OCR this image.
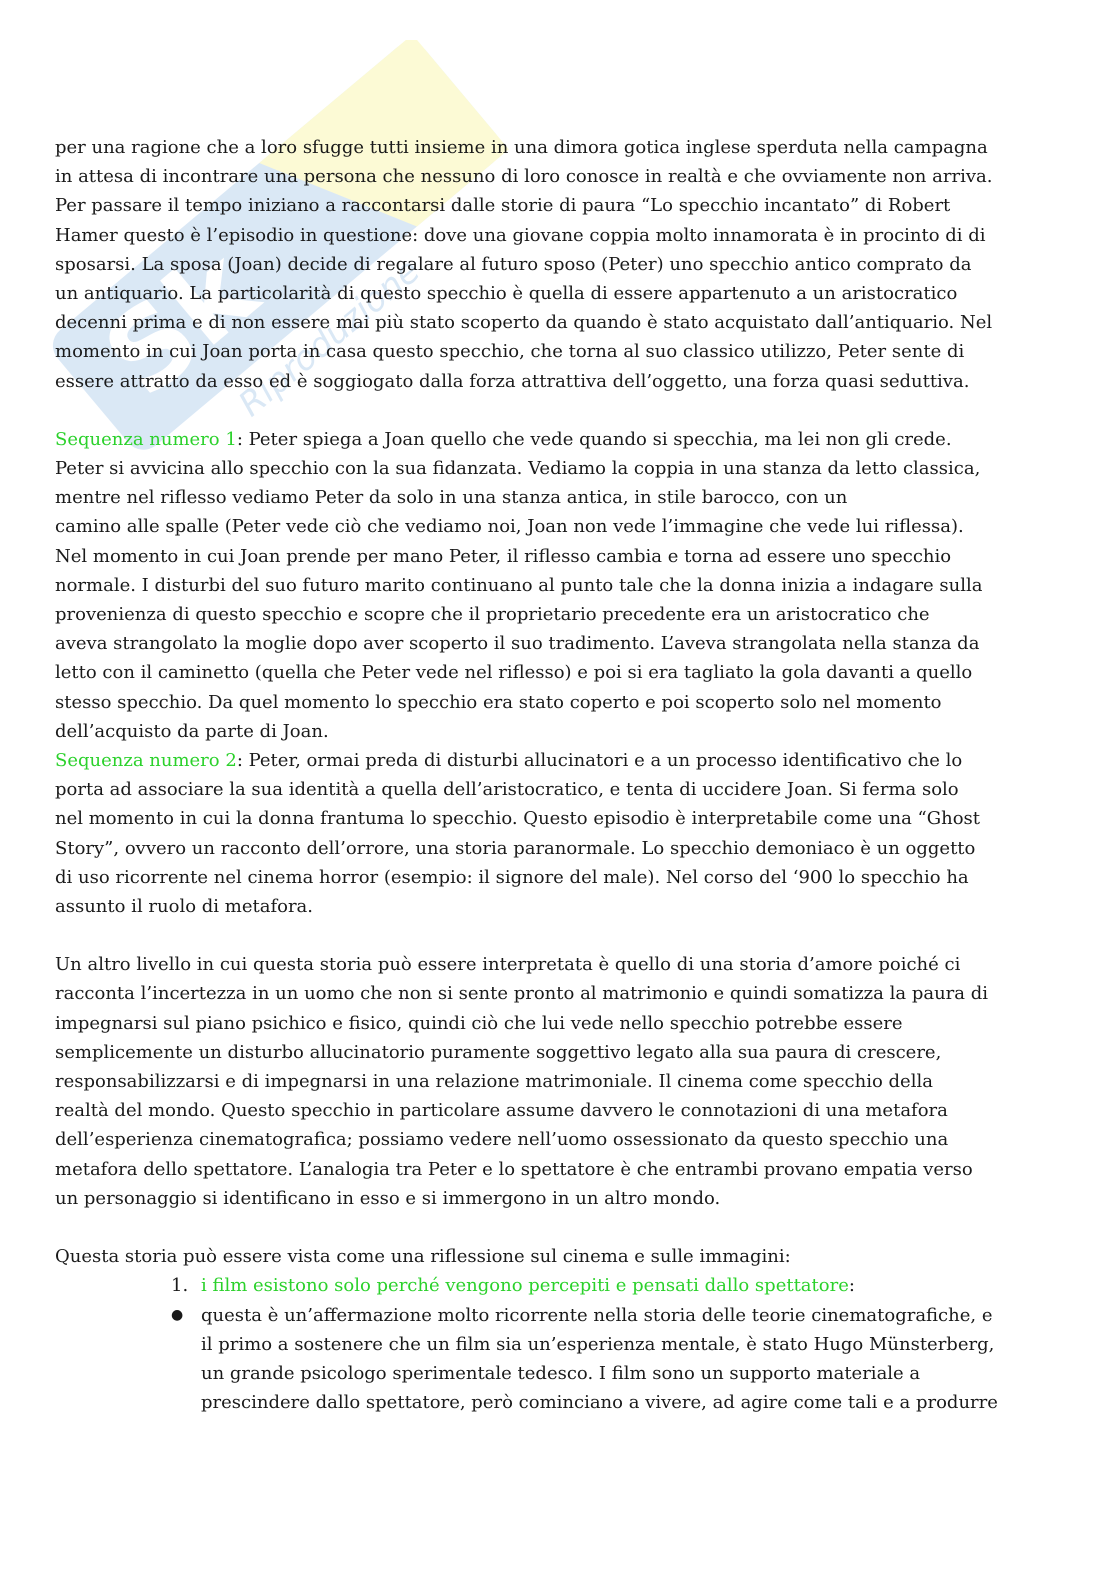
Sk
Riproduzione
per una ragione che a loro sfugge tutti insieme in una dimora gotica inglese sperduta nella campagna
in attesa di incontrare una persona che nessuno di loro conosce in realtà e che ovviamente non arriva.
Per passare il tempo iniziano a raccontarsi dalle storie di paura “Lo specchio incantato” di Robert
Hamer questo è l’episodio in questione: dove una giovane coppia molto innamorata è in procinto di di
sposarsi. La sposa (Joan) decide di regalare al futuro sposo (Peter) uno specchio antico comprato da
un antiquario. La particolarità di questo specchio è quella di essere appartenuto a un aristocratico
decenni prima e di non essere mai più stato scoperto da quando è stato acquistato dall’antiquario. Nel
momento in cui Joan porta in casa questo specchio, che torna al suo classico utilizzo, Peter sente di
essere attratto da esso ed è soggiogato dalla forza attrattiva dell’oggetto, una forza quasi seduttiva.
Sequenza numero 1: Peter spiega a Joan quello che vede quando si specchia, ma lei non gli crede.
Peter si avvicina allo specchio con la sua fidanzata. Vediamo la coppia in una stanza da letto classica,
mentre nel riflesso vediamo Peter da solo in una stanza antica, in stile barocco, con un
camino alle spalle (Peter vede ciò che vediamo noi, Joan non vede l’immagine che vede lui riflessa).
Nel momento in cui Joan prende per mano Peter, il riflesso cambia e torna ad essere uno specchio
normale. I disturbi del suo futuro marito continuano al punto tale che la donna inizia a indagare sulla
provenienza di questo specchio e scopre che il proprietario precedente era un aristocratico che
aveva strangolato la moglie dopo aver scoperto il suo tradimento. L’aveva strangolata nella stanza da
letto con il caminetto (quella che Peter vede nel riflesso) e poi si era tagliato la gola davanti a quello
stesso specchio. Da quel momento lo specchio era stato coperto e poi scoperto solo nel momento
dell’acquisto da parte di Joan.
Sequenza numero 2: Peter, ormai preda di disturbi allucinatori e a un processo identificativo che lo
porta ad associare la sua identità a quella dell’aristocratico, e tenta di uccidere Joan. Si ferma solo
nel momento in cui la donna frantuma lo specchio. Questo episodio è interpretabile come una “Ghost
Story”, ovvero un racconto dell’orrore, una storia paranormale. Lo specchio demoniaco è un oggetto
di uso ricorrente nel cinema horror (esempio: il signore del male). Nel corso del ‘900 lo specchio ha
assunto il ruolo di metafora.
Un altro livello in cui questa storia può essere interpretata è quello di una storia d’amore poiché ci
racconta l’incertezza in un uomo che non si sente pronto al matrimonio e quindi somatizza la paura di
impegnarsi sul piano psichico e fisico, quindi ciò che lui vede nello specchio potrebbe essere
semplicemente un disturbo allucinatorio puramente soggettivo legato alla sua paura di crescere,
responsabilizzarsi e di impegnarsi in una relazione matrimoniale. Il cinema come specchio della
realtà del mondo. Questo specchio in particolare assume davvero le connotazioni di una metafora
dell’esperienza cinematografica; possiamo vedere nell’uomo ossessionato da questo specchio una
metafora dello spettatore. L’analogia tra Peter e lo spettatore è che entrambi provano empatia verso
un personaggio si identificano in esso e si immergono in un altro mondo.
Questa storia può essere vista come una riflessione sul cinema e sulle immagini:
1. i film esistono solo perché vengono percepiti e pensati dallo spettatore:
● questa è un’affermazione molto ricorrente nella storia delle teorie cinematografiche, e
il primo a sostenere che un film sia un’esperienza mentale, è stato Hugo Münsterberg,
un grande psicologo sperimentale tedesco. I film sono un supporto materiale a
prescindere dallo spettatore, però cominciano a vivere, ad agire come tali e a produrre
